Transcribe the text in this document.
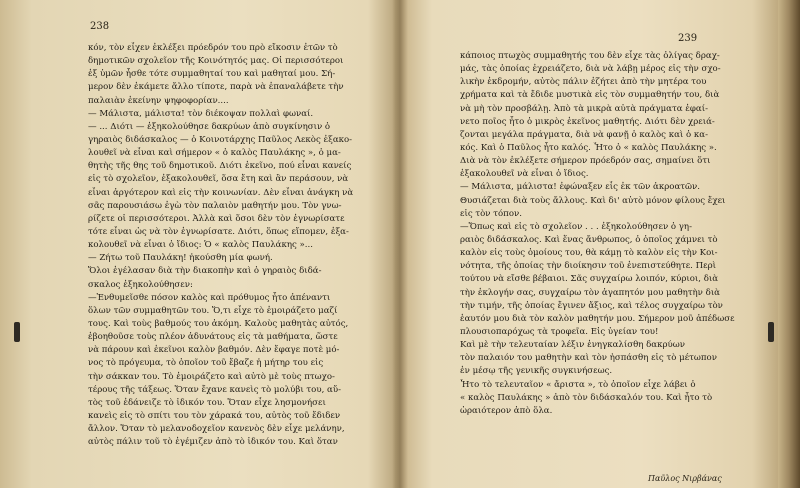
238
κόν, τὸν εἶχεν ἐκλέξει πρόεδρόν του πρὸ εἴκοσιν ἐτῶν τὸ
δημοτικῶν σχολεῖον τῆς Κοινότητός μας. Οἱ περισσότεροι
ἐξ ὑμῶν ἦσθε τότε συμμαθηταί του καὶ μαθηταί μου. Σή-
μερον δὲν ἐκάμετε ἄλλο τίποτε, παρὰ νὰ ἐπαναλάβετε τὴν
παλαιὰν ἐκείνην ψηφοφορίαν....
— Μάλιστα, μάλιστα! τὸν διέκοψαν πολλαὶ φωναί.
— ... Διότι — ἐξηκολούθησε δακρύων ἀπὸ συγκίνησιν ὁ
γηραιὸς διδάσκαλος — ὁ Κοινοτάρχης Παῦλος Λεκὸς ἐξακο-
λουθεῖ νὰ εἶναι καὶ σήμερον « ὁ καλὸς Παυλάκης », ὁ μα-
θητὴς τῆς θης τοῦ δημοτικοῦ. Διότι ἐκεῖνο, πού εἶναι κανείς
εἰς τὸ σχολεῖον, ἐξακολουθεῖ, ὅσα ἔτη καὶ ἂν περάσουν, νὰ
εἶναι ἀργότερον καὶ εἰς τὴν κοινωνίαν. Δὲν εἶναι ἀνάγκη νὰ
σᾶς παρουσιάσω ἐγὼ τὸν παλαιὸν μαθητήν μου. Τὸν γνω-
ρίζετε οἱ περισσότεροι. Ἀλλὰ καὶ ὅσοι δὲν τὸν ἐγνωρίσατε
τότε εἶναι ὡς νὰ τὸν ἐγνωρίσατε. Διότι, ὅπως εἴπομεν, ἐξα-
κολουθεῖ νὰ εἶναι ὁ ἴδιος: Ὁ « καλὸς Παυλάκης »...
— Ζήτω τοῦ Παυλάκη! ἠκούσθη μία φωνή.
Ὅλοι ἐγέλασαν διὰ τὴν διακοπὴν καὶ ὁ γηραιὸς διδά-
σκαλος ἐξηκολούθησεν:
—Ἐνθυμεῖσθε πόσον καλὸς καὶ πρόθυμος ἦτο ἀπέναντι
ὅλων τῶν συμμαθητῶν του. Ὅ,τι εἶχε τὸ ἐμοιράζετο μαζί
τους. Καὶ τοὺς βαθμούς του ἀκόμη. Καλοὺς μαθητὰς αὐτός,
ἐβοηθοῦσε τοὺς πλέον ἀδυνάτους εἰς τὰ μαθήματα, ὥστε
νὰ πάρουν καὶ ἐκεῖνοι καλὸν βαθμόν. Δὲν ἔφαγε ποτὲ μό-
νος τὸ πρόγευμα, τὸ ὁποῖον τοῦ ἔβαζε ἡ μήτηρ του εἰς
τὴν σάκκαν του. Τὸ ἐμοιράζετο καὶ αὐτὸ μὲ τοὺς πτωχο-
τέρους τῆς τάξεως. Ὅταν ἔχανε κανεὶς τὸ μολύβι του, αὔ-
τὸς τοῦ ἐδάνειζε τὸ ἰδικόν του. Ὅταν εἶχε λησμονήσει
κανεὶς εἰς τὸ σπίτι του τὸν χάρακά του, αὐτὸς τοῦ ἔδιδεν
ἄλλον. Ὅταν τὸ μελανοδοχεῖον κανενὸς δὲν εἶχε μελάνην,
αὐτὸς πάλιν τοῦ τὸ ἐγέμιζεν ἀπὸ τὸ ἰδικόν του. Καὶ ὅταν
239
κάποιος πτωχὸς συμμαθητής του δὲν εἶχε τὰς ὀλίγας δραχ-
μάς, τὰς ὁποίας ἐχρειάζετο, διὰ νὰ λάβῃ μέρος εἰς τὴν σχο-
λικὴν ἐκδρομήν, αὐτὸς πάλιν ἐζήτει ἀπὸ τὴν μητέρα του
χρήματα καὶ τὰ ἔδιδε μυστικὰ εἰς τὸν συμμαθητήν του, διὰ
νὰ μὴ τὸν προσβάλῃ. Ἀπὸ τὰ μικρὰ αὐτὰ πράγματα ἐφαί-
νετο ποῖος ἦτο ὁ μικρὸς ἐκεῖνος μαθητής. Διότι δὲν χρειά-
ζονται μεγάλα πράγματα, διὰ νὰ φανῇ ὁ καλὸς καὶ ὁ κα-
κός. Καὶ ὁ Παῦλος ἦτο καλός. Ἦτο ὁ « καλὸς Παυλάκης ».
Διὰ νὰ τὸν ἐκλέξετε σήμερον πρόεδρόν σας, σημαίνει ὅτι
ἐξακολουθεῖ νὰ εἶναι ὁ ἴδιος.
— Μάλιστα, μάλιστα! ἐφώναξεν εἷς ἐκ τῶν ἀκροατῶν.
Θυσιάζεται διὰ τοὺς ἄλλους. Καὶ δι' αὐτὸ μόνον φίλους ἔχει
εἰς τὸν τόπον.
—Ὅπως καὶ εἰς τὸ σχολεῖον . . . ἐξηκολούθησεν ὁ γη-
ραιὸς διδάσκαλος. Καὶ ἕνας ἄνθρωπος, ὁ ὁποῖος χάμνει τὸ
καλὸν εἰς τοὺς ὁμοίους του, θὰ κάμῃ τὸ καλὸν εἰς τὴν Κοι-
νότητα, τῆς ὁποίας τὴν διοίκησιν τοῦ ἐνεπιστεύθητε. Περὶ
τούτου νὰ εἴσθε βέβαιοι. Σᾶς συγχαίρω λοιπόν, κύριοι, διὰ
τὴν ἐκλογήν σας, συγχαίρω τὸν ἀγαπητόν μου μαθητὴν διὰ
τὴν τιμήν, τῆς ὁποίας ἔγινεν ἄξιος, καὶ τέλος συγχαίρω τὸν
ἑαυτόν μου διὰ τὸν καλὸν μαθητήν μου. Σήμερον μοῦ ἀπέδωσε
πλουσιοπαρόχως τὰ τροφεῖα. Εἰς ὑγείαν του!
Καὶ μὲ τὴν τελευταίαν λέξιν ἐνηγκαλίσθη δακρύων
τὸν παλαιόν του μαθητὴν καὶ τὸν ἠσπάσθη εἰς τὸ μέτωπον
ἐν μέσῳ τῆς γενικῆς συγκινήσεως.
Ἦτο τὸ τελευταῖον « ἄριστα », τὸ ὁποῖον εἶχε λάβει ὁ
« καλὸς Παυλάκης » ἀπὸ τὸν διδάσκαλόν του. Καὶ ἦτο τὸ
ὡραιότερον ἀπὸ ὅλα.
Παῦλος Νιρβάνας
